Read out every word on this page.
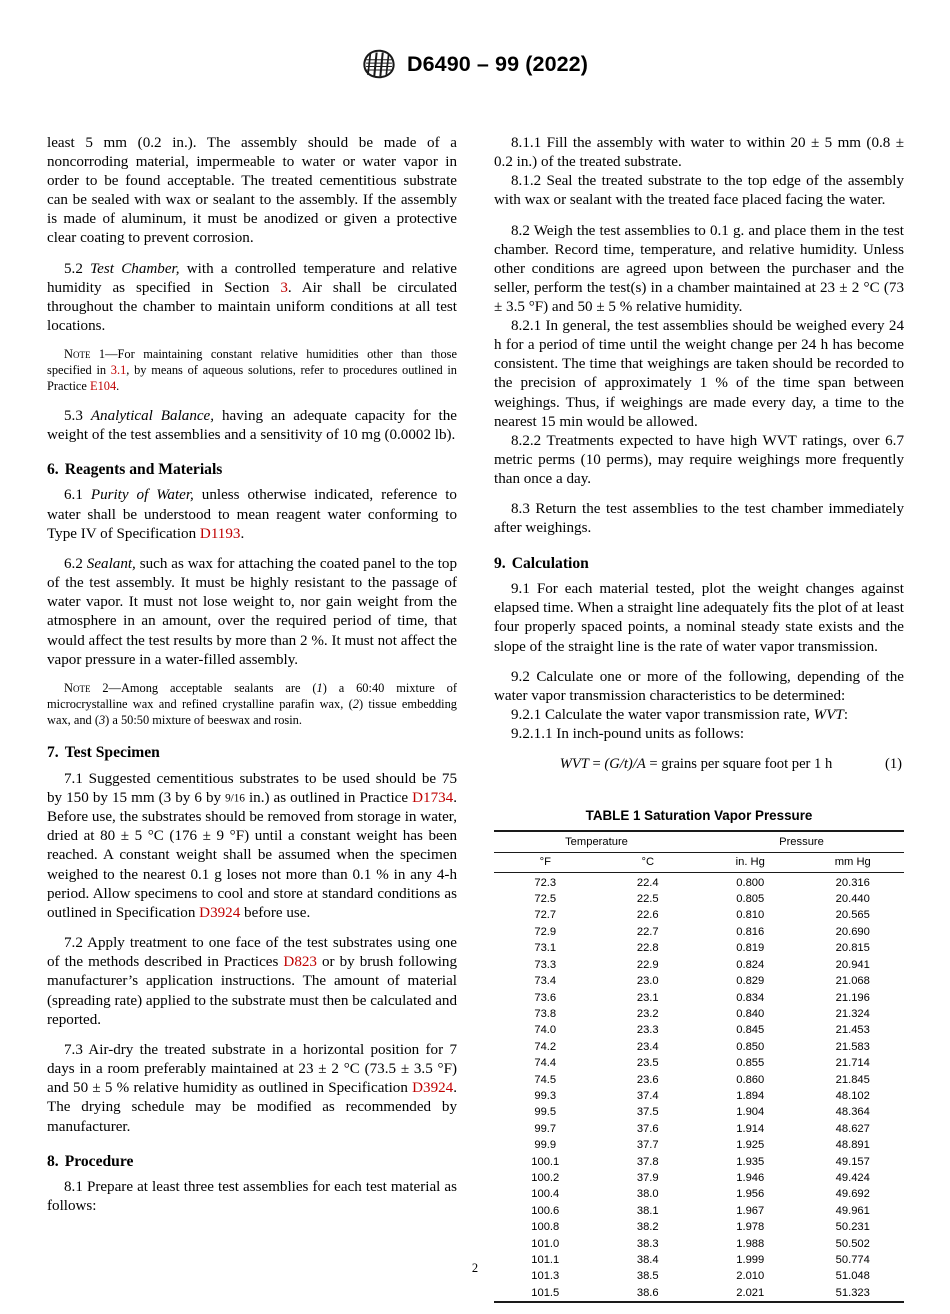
D6490 – 99 (2022)

least 5 mm (0.2 in.). The assembly should be made of a noncorroding material, impermeable to water or water vapor in order to be found acceptable. The treated cementitious substrate can be sealed with wax or sealant to the assembly. If the assembly is made of aluminum, it must be anodized or given a protective clear coating to prevent corrosion.

5.2 Test Chamber, with a controlled temperature and relative humidity as specified in Section 3. Air shall be circulated throughout the chamber to maintain uniform conditions at all test locations.

Note 1—For maintaining constant relative humidities other than those specified in 3.1, by means of aqueous solutions, refer to procedures outlined in Practice E104.

5.3 Analytical Balance, having an adequate capacity for the weight of the test assemblies and a sensitivity of 10 mg (0.0002 lb).

6. Reagents and Materials

6.1 Purity of Water, unless otherwise indicated, reference to water shall be understood to mean reagent water conforming to Type IV of Specification D1193.

6.2 Sealant, such as wax for attaching the coated panel to the top of the test assembly. It must be highly resistant to the passage of water vapor. It must not lose weight to, nor gain weight from the atmosphere in an amount, over the required period of time, that would affect the test results by more than 2 %. It must not affect the vapor pressure in a water-filled assembly.

Note 2—Among acceptable sealants are (1) a 60:40 mixture of microcrystalline wax and refined crystalline parafin wax, (2) tissue embedding wax, and (3) a 50:50 mixture of beeswax and rosin.

7. Test Specimen

7.1 Suggested cementitious substrates to be used should be 75 by 150 by 15 mm (3 by 6 by 9/16 in.) as outlined in Practice D1734. Before use, the substrates should be removed from storage in water, dried at 80 ± 5 °C (176 ± 9 °F) until a constant weight has been reached. A constant weight shall be assumed when the specimen weighed to the nearest 0.1 g loses not more than 0.1 % in any 4-h period. Allow specimens to cool and store at standard conditions as outlined in Specification D3924 before use.

7.2 Apply treatment to one face of the test substrates using one of the methods described in Practices D823 or by brush following manufacturer’s application instructions. The amount of material (spreading rate) applied to the substrate must then be calculated and reported.

7.3 Air-dry the treated substrate in a horizontal position for 7 days in a room preferably maintained at 23 ± 2 °C (73.5 ± 3.5 °F) and 50 ± 5 % relative humidity as outlined in Specification D3924. The drying schedule may be modified as recommended by manufacturer.

8. Procedure

8.1 Prepare at least three test assemblies for each test material as follows:

8.1.1 Fill the assembly with water to within 20 ± 5 mm (0.8 ± 0.2 in.) of the treated substrate.

8.1.2 Seal the treated substrate to the top edge of the assembly with wax or sealant with the treated face placed facing the water.

8.2 Weigh the test assemblies to 0.1 g. and place them in the test chamber. Record time, temperature, and relative humidity. Unless other conditions are agreed upon between the purchaser and the seller, perform the test(s) in a chamber maintained at 23 ± 2 °C (73 ± 3.5 °F) and 50 ± 5 % relative humidity.

8.2.1 In general, the test assemblies should be weighed every 24 h for a period of time until the weight change per 24 h has become consistent. The time that weighings are taken should be recorded to the precision of approximately 1 % of the time span between weighings. Thus, if weighings are made every day, a time to the nearest 15 min would be allowed.

8.2.2 Treatments expected to have high WVT ratings, over 6.7 metric perms (10 perms), may require weighings more frequently than once a day.

8.3 Return the test assemblies to the test chamber immediately after weighings.

9. Calculation

9.1 For each material tested, plot the weight changes against elapsed time. When a straight line adequately fits the plot of at least four properly spaced points, a nominal steady state exists and the slope of the straight line is the rate of water vapor transmission.

9.2 Calculate one or more of the following, depending of the water vapor transmission characteristics to be determined:

9.2.1 Calculate the water vapor transmission rate, WVT:

9.2.1.1 In inch-pound units as follows:

WVT = (G/t)/A = grains per square foot per 1 h	(1)
TABLE 1 Saturation Vapor Pressure
Temperature		Pressure	
°F	°C	in. Hg	mm Hg
72.3	22.4	0.800	20.316
72.5	22.5	0.805	20.440
72.7	22.6	0.810	20.565
72.9	22.7	0.816	20.690
73.1	22.8	0.819	20.815
73.3	22.9	0.824	20.941
73.4	23.0	0.829	21.068
73.6	23.1	0.834	21.196
73.8	23.2	0.840	21.324
74.0	23.3	0.845	21.453
74.2	23.4	0.850	21.583
74.4	23.5	0.855	21.714
74.5	23.6	0.860	21.845
99.3	37.4	1.894	48.102
99.5	37.5	1.904	48.364
99.7	37.6	1.914	48.627
99.9	37.7	1.925	48.891
100.1	37.8	1.935	49.157
100.2	37.9	1.946	49.424
100.4	38.0	1.956	49.692
100.6	38.1	1.967	49.961
100.8	38.2	1.978	50.231
101.0	38.3	1.988	50.502
101.1	38.4	1.999	50.774
101.3	38.5	2.010	51.048
101.5	38.6	2.021	51.323
2
